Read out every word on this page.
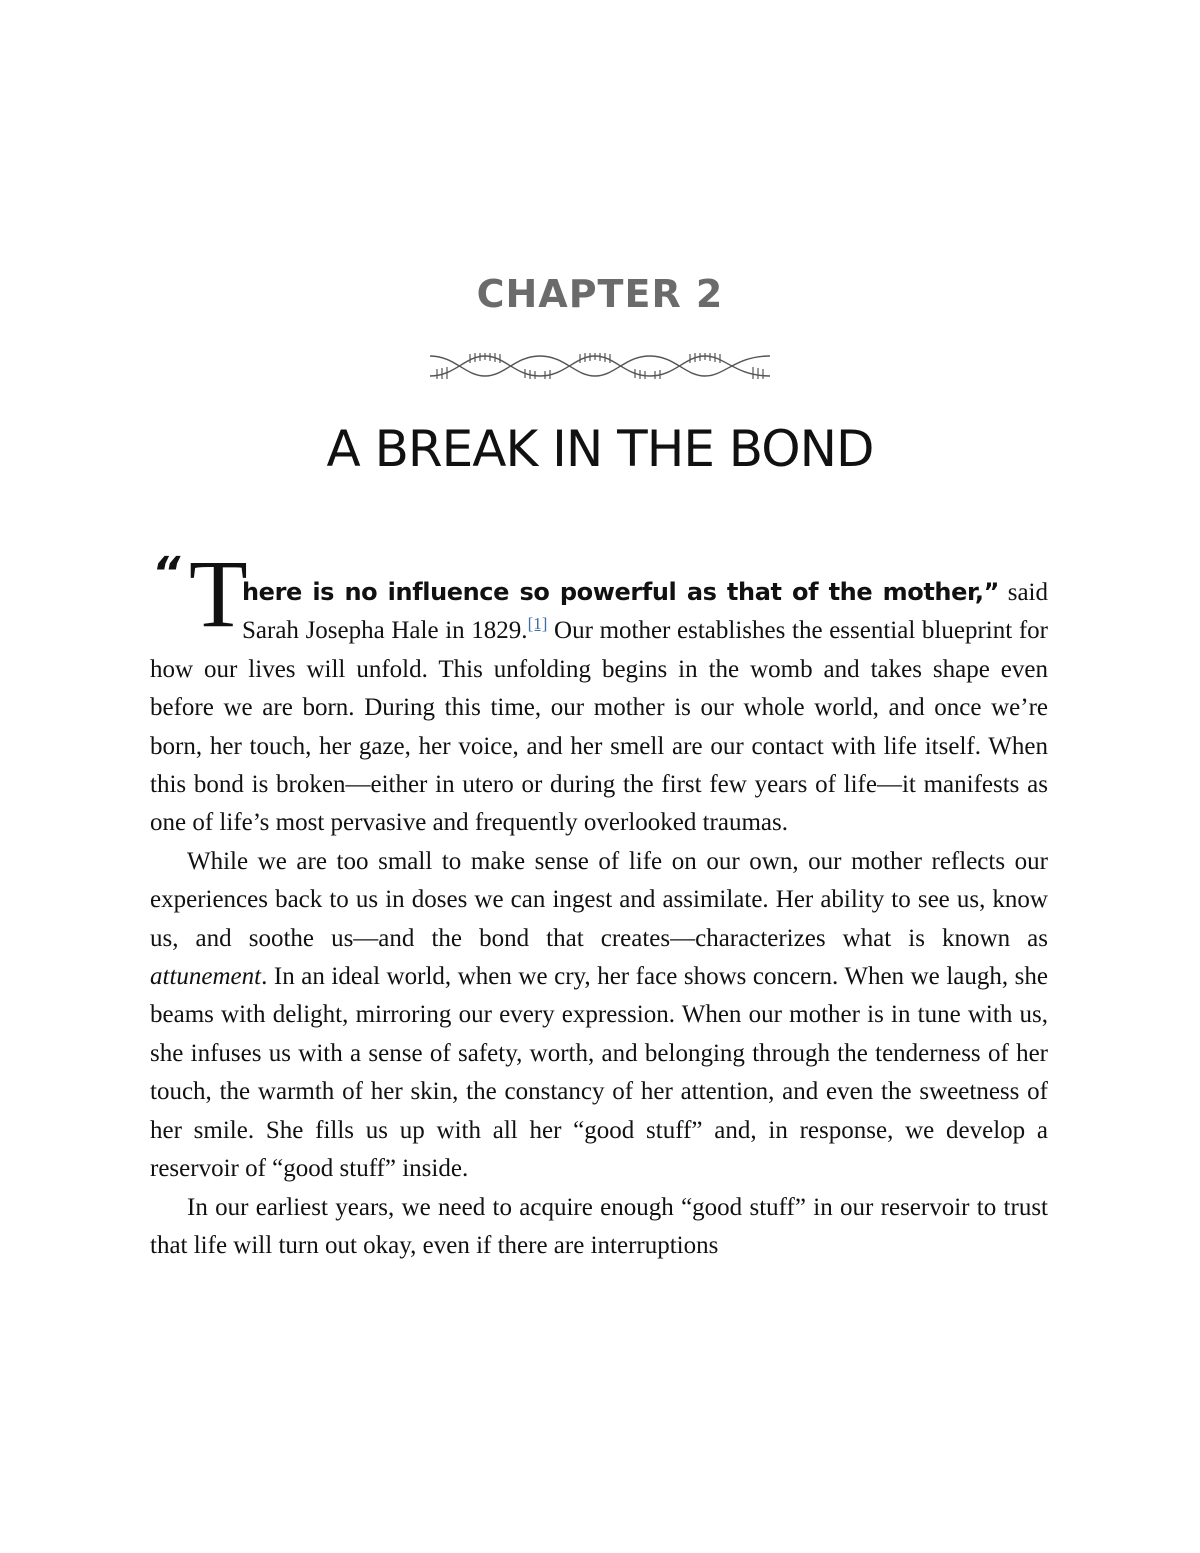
CHAPTER 2
A BREAK IN THE BOND
“ T

here is no influence so powerful as that of the mother,” said Sarah Josepha Hale in 1829.[1] Our mother establishes the essential blueprint for how our lives will unfold. This unfolding begins in the womb and takes shape even before we are born. During this time, our mother is our whole world, and once we’re born, her touch, her gaze, her voice, and her smell are our contact with life itself. When this bond is broken—either in utero or during the first few years of life—it manifests as one of life’s most pervasive and frequently overlooked traumas.

While we are too small to make sense of life on our own, our mother reflects our experiences back to us in doses we can ingest and assimilate. Her ability to see us, know us, and soothe us—and the bond that creates—characterizes what is known as attunement. In an ideal world, when we cry, her face shows concern. When we laugh, she beams with delight, mirroring our every expression. When our mother is in tune with us, she infuses us with a sense of safety, worth, and belonging through the tenderness of her touch, the warmth of her skin, the constancy of her attention, and even the sweetness of her smile. She fills us up with all her “good stuff” and, in response, we develop a reservoir of “good stuff” inside.

In our earliest years, we need to acquire enough “good stuff” in our reservoir to trust that life will turn out okay, even if there are interruptions
